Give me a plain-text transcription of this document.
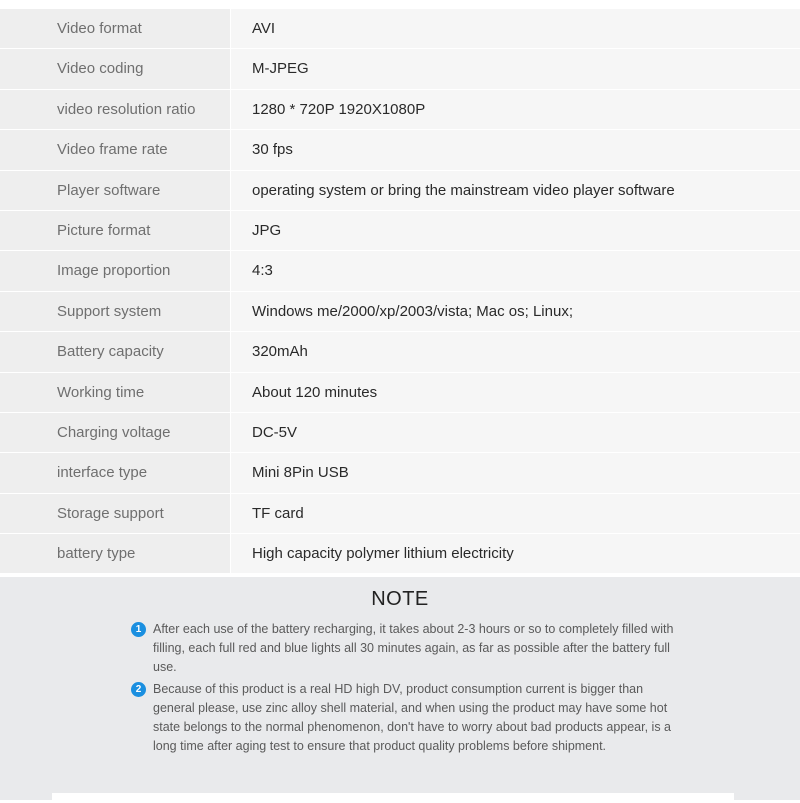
Video format	AVI
Video coding	M-JPEG
video resolution ratio	1280 * 720P 1920X1080P
Video frame rate	30 fps
Player software	operating system or bring the mainstream video player software
Picture format	JPG
Image proportion	4:3
Support system	Windows me/2000/xp/2003/vista; Mac os; Linux;
Battery capacity	320mAh
Working time	About 120 minutes
Charging voltage	DC-5V
interface type	Mini 8Pin USB
Storage support	TF card
battery type	High capacity polymer lithium electricity
NOTE
1 After each use of the battery recharging, it takes about 2-3 hours or so to completely filled with filling, each full red and blue lights all 30 minutes again, as far as possible after the battery full use.
2 Because of this product is a real HD high DV, product consumption current is bigger than general please, use zinc alloy shell material, and when using the product may have some hot state belongs to the normal phenomenon, don't have to worry about bad products appear, is a long time after aging test to ensure that product quality problems before shipment.
